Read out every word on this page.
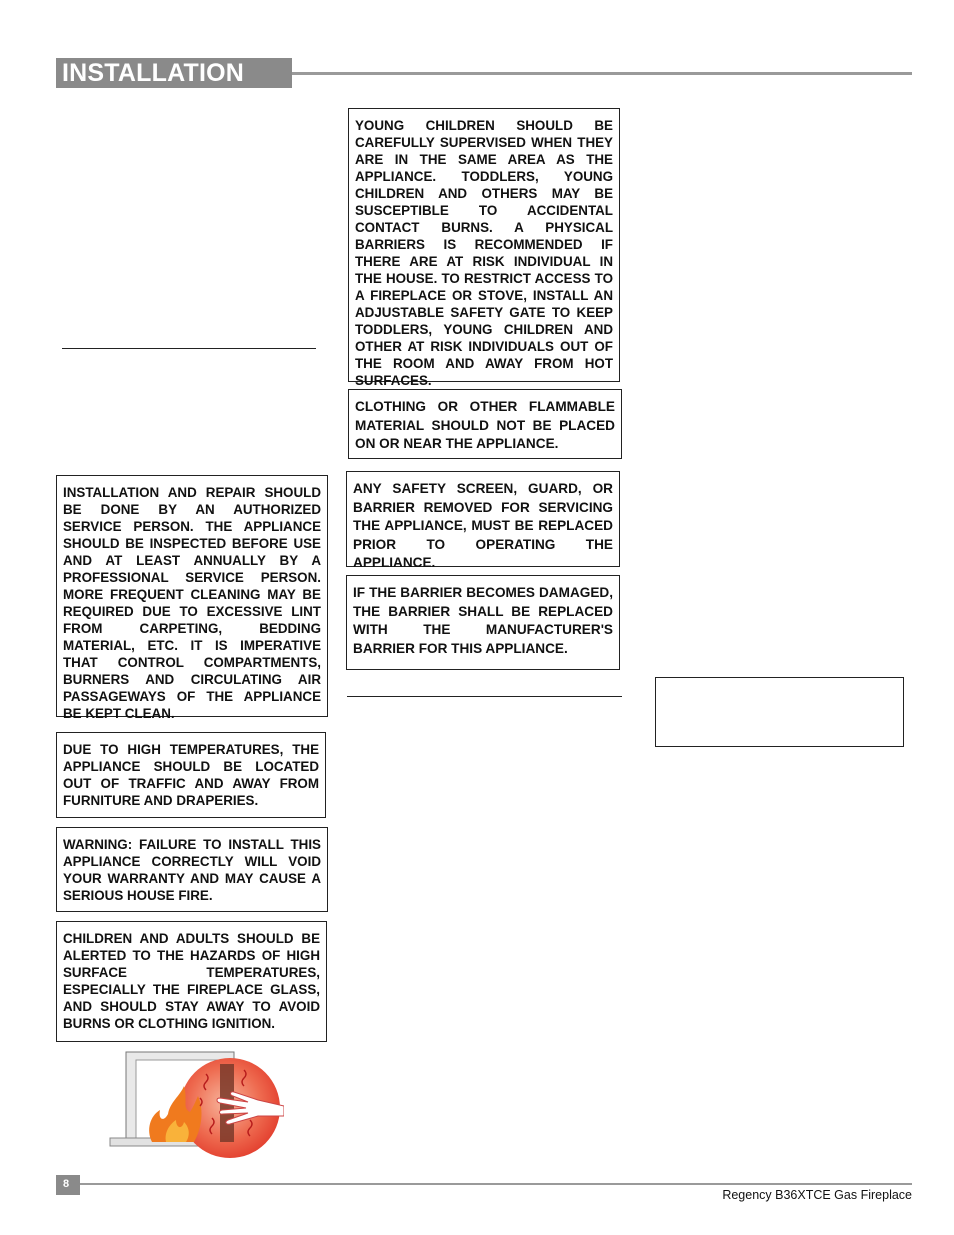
INSTALLATION
YOUNG CHILDREN SHOULD BE CAREFULLY SUPERVISED WHEN THEY ARE IN THE SAME AREA AS THE APPLIANCE. TODDLERS, YOUNG CHILDREN AND OTHERS MAY BE SUSCEPTIBLE TO ACCIDENTAL CONTACT BURNS. A PHYSICAL BARRIERS IS RECOMMENDED IF THERE ARE AT RISK INDIVIDUAL IN THE HOUSE. TO RESTRICT ACCESS TO A FIREPLACE OR STOVE, INSTALL AN ADJUSTABLE SAFETY GATE TO KEEP TODDLERS, YOUNG CHILDREN AND OTHER AT RISK INDIVIDUALS OUT OF THE ROOM AND AWAY FROM HOT SURFACES.
CLOTHING OR OTHER FLAMMABLE MATERIAL SHOULD NOT BE PLACED ON OR NEAR THE APPLIANCE.
ANY SAFETY SCREEN, GUARD, OR BARRIER REMOVED FOR SERVICING THE APPLIANCE, MUST BE REPLACED PRIOR TO OPERATING THE APPLIANCE.
IF THE BARRIER BECOMES DAMAGED, THE BARRIER SHALL BE REPLACED WITH THE MANUFACTURER'S BARRIER FOR THIS APPLIANCE.
INSTALLATION AND REPAIR SHOULD BE DONE BY AN AUTHORIZED SERVICE PERSON. THE APPLIANCE SHOULD BE INSPECTED BEFORE USE AND AT LEAST ANNUALLY BY A PROFESSIONAL SERVICE PERSON. MORE FREQUENT CLEANING MAY BE REQUIRED DUE TO EXCESSIVE LINT FROM CARPETING, BEDDING MATERIAL, ETC. IT IS IMPERATIVE THAT CONTROL COMPARTMENTS, BURNERS AND CIRCULATING AIR PASSAGEWAYS OF THE APPLIANCE BE KEPT CLEAN.
DUE TO HIGH TEMPERATURES, THE APPLIANCE SHOULD BE LOCATED OUT OF TRAFFIC AND AWAY FROM FURNITURE AND DRAPERIES.
WARNING: FAILURE TO INSTALL THIS APPLIANCE CORRECTLY WILL VOID YOUR WARRANTY AND MAY CAUSE A SERIOUS HOUSE FIRE.
CHILDREN AND ADULTS SHOULD BE ALERTED TO THE HAZARDS OF HIGH SURFACE TEMPERATURES, ESPECIALLY THE FIREPLACE GLASS, AND SHOULD STAY AWAY TO AVOID BURNS OR CLOTHING IGNITION.
8
Regency B36XTCE Gas Fireplace
